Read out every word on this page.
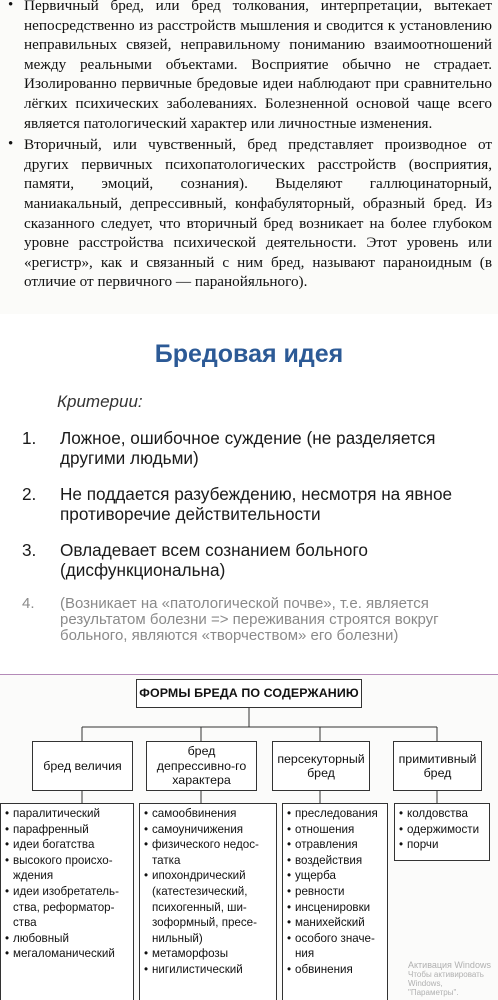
• Первичный бред, или бред толкования, интерпретации, вытекает непосредственно из расстройств мышления и сводится к установлению неправильных связей, неправильному пониманию взаимоотношений между реальными объектами. Восприятие обычно не страдает. Изолированно первичные бредовые идеи наблюдают при сравнительно лёгких психических заболеваниях. Болезненной основой чаще всего является патологический характер или личностные изменения.
• Вторичный, или чувственный, бред представляет производное от других первичных психопатологических расстройств (восприятия, памяти, эмоций, сознания). Выделяют галлюцинаторный, маниакальный, депрессивный, конфабуляторный, образный бред. Из сказанного следует, что вторичный бред возникает на более глубоком уровне расстройства психической деятельности. Этот уровень или «регистр», как и связанный с ним бред, называют параноидным (в отличие от первичного — паранойяльного).
Бредовая идея
Критерии:
1.	Ложное, ошибочное суждение (не разделяется другими людьми)
2.	Не поддается разубеждению, несмотря на явное противоречие действительности
3.	Овладевает всем сознанием больного (дисфункциональна)
4.	(Возникает на «патологической почве», т.е. является результатом болезни => переживания строятся вокруг больного, являются «творчеством» его болезни)
ФОРМЫ БРЕДА ПО СОДЕРЖАНИЮ
бред величия
бред депрессивно-го характера
персекуторный бред
примитивный бред
• паралитический
• парафренный
• идеи богатства
• высокого происхо-ждения
• идеи изобретатель-ства, реформатор-ства
• любовный
• мегаломанический
• самообвинения
• самоуничижения
• физического недос-татка
• ипохондрический (катестезический, психогенный, ши-зоформный, пресе-нильный)
• метаморфозы
• нигилистический
• преследования
• отношения
• отравления
• воздействия
• ущерба
• ревности
• инсценировки
• манихейский
• особого значе-ния
• обвинения
• колдовства
• одержимости
• порчи
Активация Windows
Чтобы активировать Windows,
"Параметры".
